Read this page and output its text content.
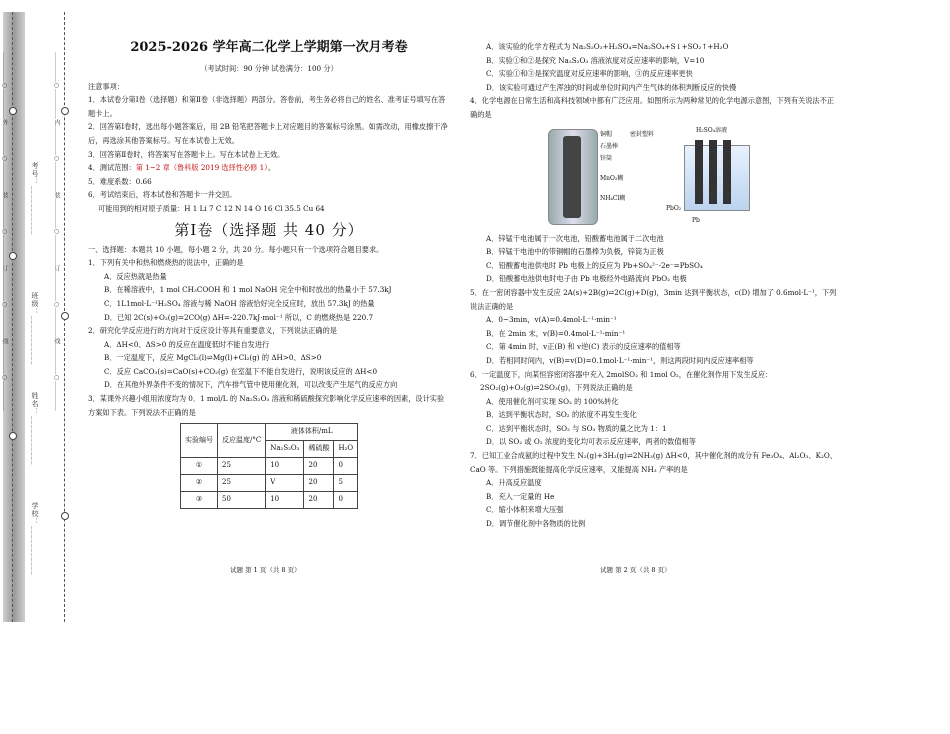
学校：___________
姓名：___________
班级：___________
考号：___________
……………○……………外……………○……………装……………○……………订……………○……………线……………○……………	……………○……………内……………○……………装……………○……………订……………○……………线……………○……………
2025-2026 学年高二化学上学期第一次月考卷
（考试时间：90 分钟 试卷满分：100 分）

注意事项：

1．本试卷分第Ⅰ卷（选择题）和第Ⅱ卷（非选择题）两部分。答卷前，考生务必将自己的姓名、准考证号填写在答题卡上。

2．回答第Ⅰ卷时，选出每小题答案后，用 2B 铅笔把答题卡上对应题目的答案标号涂黑。如需改动，用橡皮擦干净后，再选涂其他答案标号。写在本试卷上无效。

3．回答第Ⅱ卷时，将答案写在答题卡上。写在本试卷上无效。

4．测试范围：第 1~2 章（鲁科版 2019 选择性必修 1）。

5．难度系数：0.66

6．考试结束后，将本试卷和答题卡一并交回。

可能用到的相对原子质量：H 1 Li 7 C 12 N 14 O 16 Cl 35.5 Cu 64

第Ⅰ卷（选择题 共 40 分）

一、选择题：本题共 10 小题，每小题 2 分，共 20 分。每小题只有一个选项符合题目要求。

1．下列有关中和热和燃烧热的说法中，正确的是

A．反应热就是热量

B．在稀溶液中，1 mol CH₃COOH 和 1 mol NaOH 完全中和时放出的热量小于 57.3kJ

C．1L1mol·L⁻¹H₂SO₄ 溶液与稀 NaOH 溶液恰好完全反应时，放出 57.3kJ 的热量

D．已知 2C(s)+O₂(g)=2CO(g) ΔH=-220.7kJ·mol⁻¹ 所以，C 的燃烧热是 220.7

2．研究化学反应进行的方向对于反应设计等具有重要意义，下列说法正确的是

A．ΔH<0、ΔS>0 的反应在温度低时不能自发进行

B．一定温度下，反应 MgCl₂(l)⇌Mg(l)+Cl₂(g) 的 ΔH>0、ΔS>0

C．反应 CaCO₃(s)=CaO(s)+CO₂(g) 在室温下不能自发进行，说明该反应的 ΔH<0

D．在其他外界条件不变的情况下，汽车排气管中使用催化剂，可以改变产生尾气的反应方向

3．某课外兴趣小组用浓度均为 0．1 mol/L 的 Na₂S₂O₃ 溶液和稀硫酸探究影响化学反应速率的因素，设计实验方案如下表。下列说法不正确的是

实验编号	反应温度/°C	液体体积/mL		
		Na₂S₂O₃	稀硫酸	H₂O
①	25	10	20	0
②	25	V	20	5
③	50	10	20	0
试题 第 1 页（共 8 页）

A．该实验的化学方程式为 Na₂S₂O₃+H₂SO₄=Na₂SO₄+S↓+SO₂↑+H₂O

B．实验①和②是探究 Na₂S₂O₃ 溶液浓度对反应速率的影响，V=10

C．实验①和③是探究温度对反应速率的影响，③的反应速率更快

D．该实验可通过产生浑浊的时间或单位时间内产生气体的体积判断反应的快慢

4．化学电源在日常生活和高科技领域中都有广泛应用。如图所示为两种常见的化学电源示意图，下列有关说法不正确的是

铜帽
石墨棒
锌筒
MnO₂糊
NH₄Cl糊
密封塑料
H₂SO₄溶液
PbO₂
Pb

A．锌锰干电池属于一次电池，铅酸蓄电池属于二次电池

B．锌锰干电池中的带铜帽的石墨棒为负极，锌筒为正极

C．铅酸蓄电池供电时 Pb 电极上的反应为 Pb+SO₄²⁻-2e⁻=PbSO₄

D．铅酸蓄电池供电时电子由 Pb 电极经外电路流向 PbO₂ 电极

5．在一密闭容器中发生反应 2A(s)+2B(g)⇌2C(g)+D(g)，3min 达到平衡状态，c(D) 增加了 0.6mol·L⁻¹，下列说法正确的是

A．0~3min，v(A)=0.4mol·L⁻¹·min⁻¹

B．在 2min 末，v(B)=0.4mol·L⁻¹·min⁻¹

C．第 4min 时，v正(B) 和 v逆(C) 表示的反应速率的值相等

D．若相同时间内，v(B)=v(D)=0.1mol·L⁻¹·min⁻¹，则这两段时间内反应速率相等

6．一定温度下，向某恒容密闭容器中充入 2molSO₂ 和 1mol O₂，在催化剂作用下发生反应：

2SO₂(g)+O₂(g)⇌2SO₃(g)，下列说法正确的是

A．使用催化剂可实现 SO₂ 的 100%转化

B．达到平衡状态时，SO₂ 的浓度不再发生变化

C．达到平衡状态时，SO₂ 与 SO₃ 物质的量之比为 1：1

D．以 SO₂ 或 O₂ 浓度的变化均可表示反应速率，两者的数值相等

7．已知工业合成氨的过程中发生 N₂(g)+3H₂(g)⇌2NH₃(g) ΔH<0，其中催化剂的成分有 Fe₃O₄、Al₂O₃、K₂O、CaO 等。下列措施既能提高化学反应速率，又能提高 NH₃ 产率的是

A．升高反应温度

B．充入一定量的 He

C．缩小体积来增大压强

D．调节催化剂中各物质的比例

试题 第 2 页（共 8 页）
